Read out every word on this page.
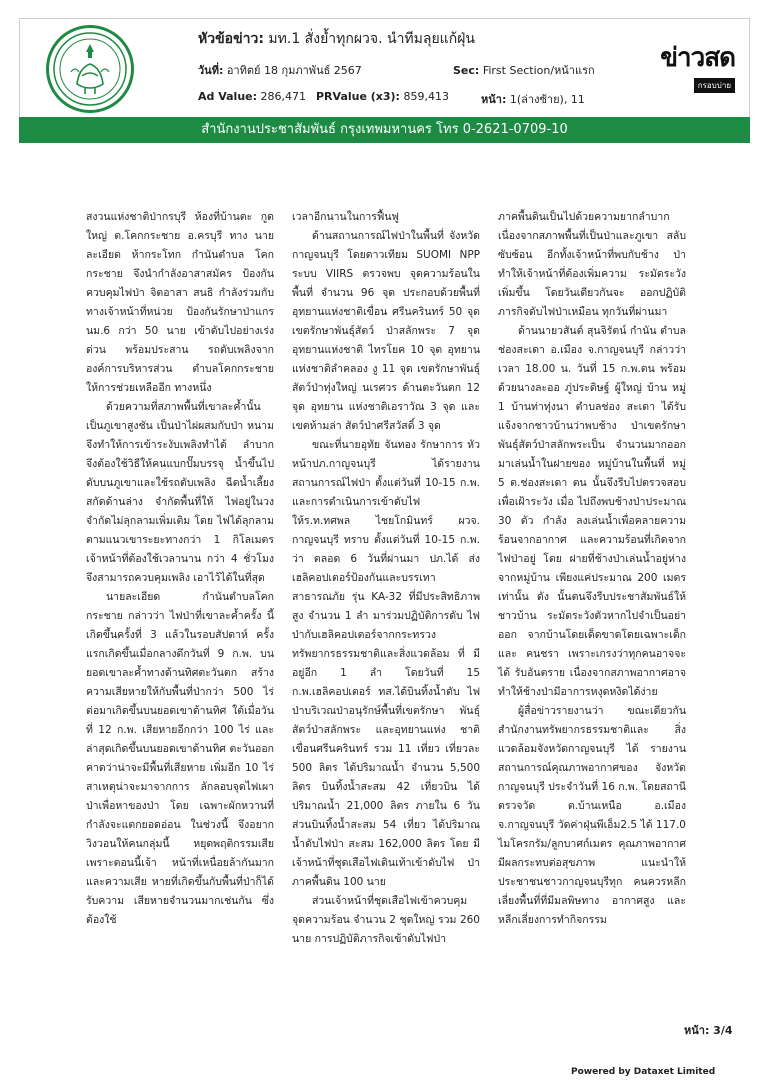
หัวข้อข่าว: มท.1 สั่งย้ำทุกผวจ. นำทีมลุยแก้ฝุ่น
วันที่: อาทิตย์ 18 กุมภาพันธ์ 2567	Sec: First Section/หน้าแรก
Ad Value: 286,471 PRValue (x3): 859,413	หน้า: 1(ล่างซ้าย), 11
ข่าวสด
กรอบบ่าย
สำนักงานประชาสัมพันธ์ กรุงเทพมหานคร โทร 0-2621-0709-10

สงวนแห่งชาติป่ากรบุรี ห้องที่บ้านตะ กูดใหญ่ ต.โคกกระชาย อ.ครบุรี ทาง นายละเอียด ห้ากระโทก กำนันตำบล โคกกระชาย จึงนำกำลังอาสาสมัคร ป้องกันควบคุมไฟป่า จิตอาสา สนธิ กำลังร่วมกับทางเจ้าหน้าที่หน่วย ป้องกันรักษาป่าแกร นม.6 กว่า 50 นาย เข้าดับไปอย่างเร่งด่วน พร้อมประสาน รถดับเพลิงจากองค์การบริหารส่วน ตำบลโคกกระชายให้การช่วยเหลืออีก ทางหนึ่ง

ด้วยความที่สภาพพื้นที่เขาละค้ำนั้น เป็นภูเขาสูงชัน เป็นป่าไผ่ผสมกับป่า หนาม จึงทำให้การเข้าระงับเพลิงทำได้ ลำบาก จึงต้องใช้วิธีให้คนแบกปั๊มบรรจุ น้ำขึ้นไปดับบนภูเขาและใช้รถดับเพลิง ฉีดน้ำเลี้ยงสกัดด้านล่าง จำกัดพื้นที่ให้ ไฟอยู่ในวงจำกัดไม่ลุกลามเพิ่มเติม โดย ไฟได้ลุกลามตามแนวเขาระยะทางกว่า 1 กิโลเมตร เจ้าหน้าที่ต้องใช้เวลานาน กว่า 4 ชั่วโมงจึงสามารถควบคุมเพลิง เอาไว้ได้ในที่สุด

นายละเอียด กำนันตำบลโคก กระชาย กล่าวว่า ไฟป่าที่เขาละค้ำครั้ง นี้เกิดขึ้นครั้งที่ 3 แล้วในรอบสัปดาห์ ครั้งแรกเกิดขึ้นเมื่อกลางดึกวันที่ 9 ก.พ. บนยอดเขาละค้ำทางด้านทิศตะวันตก สร้างความเสียหายให้กับพื้นที่ป่ากว่า 500 ไร่ ต่อมาเกิดขึ้นบนยอดเขาด้านทิศ ใต้เมื่อวันที่ 12 ก.พ. เสียหายอีกกว่า 100 ไร่ และล่าสุดเกิดขึ้นบนยอดเขาด้านทิศ ตะวันออก คาดว่าน่าจะมีพื้นที่เสียหาย เพิ่มอีก 10 ไร่ สาเหตุน่าจะมาจากการ ลักลอบจุดไฟเผาป่าเพื่อหาของป่า โดย เฉพาะผักหวานที่กำลังจะแตกยอดอ่อน ในช่วงนี้ จึงอยากวิงวอนให้คนกลุ่มนี้ หยุดพฤติกรรมเสีย เพราะตอนนี้เจ้า หน้าที่เหนื่อยล้ากันมาก และความเสีย หายที่เกิดขึ้นกับพื้นที่ป่าก็ได้รับความ เสียหายจำนวนมากเช่นกัน ซึ่งต้องใช้

เวลาอีกนานในการฟื้นฟู

ด้านสถานการณ์ไฟป่าในพื้นที่ จังหวัดกาญจนบุรี โดยดาวเทียม SUOMI NPP ระบบ VIIRS ตรวจพบ จุดความร้อนในพื้นที่ จำนวน 96 จุด ประกอบด้วยพื้นที่อุทยานแห่งชาติเขื่อน ศรีนครินทร์ 50 จุด เขตรักษาพันธุ์สัตว์ ป่าสลักพระ 7 จุด อุทยานแห่งชาติ ไทรโยค 10 จุด อุทยานแห่งชาติลำคลอง งู 11 จุด เขตรักษาพันธุ์สัตว์ป่าทุ่งใหญ่ นเรศวร ด้านตะวันตก 12 จุด อุทยาน แห่งชาติเอราวัณ 3 จุด และเขตห้ามล่า สัตว์ป่าศรีสวัสดิ์ 3 จุด

ขณะที่นายอุทัย จันทอง รักษาการ หัวหน้าปภ.กาญจนบุรี ได้รายงาน สถานการณ์ไฟป่า ตั้งแต่วันที่ 10-15 ก.พ. และการดำเนินการเข้าดับไฟ ให้ร.ท.ทศพล ไชยโกมินทร์ ผวจ. กาญจนบุรี ทราบ ตั้งแต่วันที่ 10-15 ก.พ. ว่า ตลอด 6 วันที่ผ่านมา ปภ.ได้ ส่งเฮลิคอปเตอร์ป้องกันและบรรเทา สาธารณภัย รุ่น KA-32 ที่มีประสิทธิภาพ สูง จำนวน 1 ลำ มาร่วมปฏิบัติการดับ ไฟป่ากับเฮลิคอปเตอร์จากกระทรวง ทรัพยากรธรรมชาติและสิ่งแวดล้อม ที่ มีอยู่อีก 1 ลำ โดยวันที่ 15 ก.พ.เฮลิคอปเตอร์ ทส.ได้บินทิ้งน้ำดับ ไฟป่าบริเวณป่าอนุรักษ์พื้นที่เขตรักษา พันธุ์สัตว์ป่าสลักพระ และอุทยานแห่ง ชาติเขื่อนศรีนครินทร์ รวม 11 เที่ยว เที่ยวละ 500 ลิตร ได้ปริมาณน้ำ จำนวน 5,500 ลิตร บินทิ้งน้ำสะสม 42 เที่ยวบิน ได้ปริมาณน้ำ 21,000 ลิตร ภายใน 6 วัน ส่วนบินทิ้งน้ำสะสม 54 เที่ยว ได้ปริมาณ น้ำดับไฟป่า สะสม 162,000 ลิตร โดย มีเจ้าหน้าที่ชุดเสือไฟเดินเท้าเข้าดับไฟ ป่าภาคพื้นดิน 100 นาย

ส่วนเจ้าหน้าที่ชุดเสือไฟเข้าควบคุม จุดความร้อน จำนวน 2 ชุดใหญ่ รวม 260 นาย การปฏิบัติภารกิจเข้าดับไฟป่า

ภาคพื้นดินเป็นไปด้วยความยากลำบาก เนื่องจากสภาพพื้นที่เป็นป่าและภูเขา สลับซับซ้อน อีกทั้งเจ้าหน้าที่พบกับช้าง ป่า ทำให้เจ้าหน้าที่ต้องเพิ่มความ ระมัดระวังเพิ่มขึ้น โดยวันเดียวกันจะ ออกปฏิบัติภารกิจดับไฟป่าเหมือน ทุกวันที่ผ่านมา

ด้านนายวสันต์ สุนจิรัตน์ กำนัน ตำบลช่องสะเดา อ.เมือง จ.กาญจนบุรี กล่าวว่า เวลา 18.00 น. วันที่ 15 ก.พ.ตน พร้อมด้วยนางละออ ภู่ประดิษฐ์ ผู้ใหญ่ บ้าน หมู่ 1 บ้านท่าทุ่งนา ตำบลช่อง สะเดา ได้รับแจ้งจากชาวบ้านว่าพบช้าง ป่าเขตรักษาพันธุ์สัตว์ป่าสลักพระเป็น จำนวนมากออกมาเล่นน้ำในฝายของ หมู่บ้านในพื้นที่ หมู่ 5 ต.ช่องสะเดา ตน นั้นจึงรีบไปตรวจสอบเพื่อเฝ้าระวัง เมื่อ ไปถึงพบช้างป่าประมาณ 30 ตัว กำลัง ลงเล่นน้ำเพื่อคลายความร้อนจากอากาศ และความร้อนที่เกิดจากไฟป่าอยู่ โดย ฝายที่ช้างป่าเล่นน้ำอยู่ห่างจากหมู่บ้าน เพียงแค่ประมาณ 200 เมตร เท่านั้น ดัง นั้นตนจึงรีบประชาสัมพันธ์ให้ชาวบ้าน ระมัดระวังตัวหากไปจำเป็นอย่าออก จากบ้านโดยเด็ดขาดโดยเฉพาะเด็กและ คนชรา เพราะเกรงว่าทุกคนอาจจะได้ รับอันตราย เนื่องจากสภาพอากาศอาจ ทำให้ช้างป่ามีอาการหงุดหงิดได้ง่าย

ผู้สื่อข่าวรายงานว่า ขณะเดียวกัน สำนักงานทรัพยากรธรรมชาติและ สิ่งแวดล้อมจังหวัดกาญจนบุรี ได้ รายงานสถานการณ์คุณภาพอากาศของ จังหวัดกาญจนบุรี ประจำวันที่ 16 ก.พ. โดยสถานีตรวจวัด ต.บ้านเหนือ อ.เมือง จ.กาญจนบุรี วัดค่าฝุ่นพีเอ็ม2.5 ได้ 117.0 ไมโครกรัม/ลูกบาศก์เมตร คุณภาพอากาศมีผลกระทบต่อสุขภาพ แนะนำให้ประชาชนชาวกาญจนบุรีทุก คนควรหลีกเลี่ยงพื้นที่ที่มีมลพิษทาง อากาศสูง และหลีกเลี่ยงการทำกิจกรรม

หน้า: 3/4
Powered by Dataxet Limited
